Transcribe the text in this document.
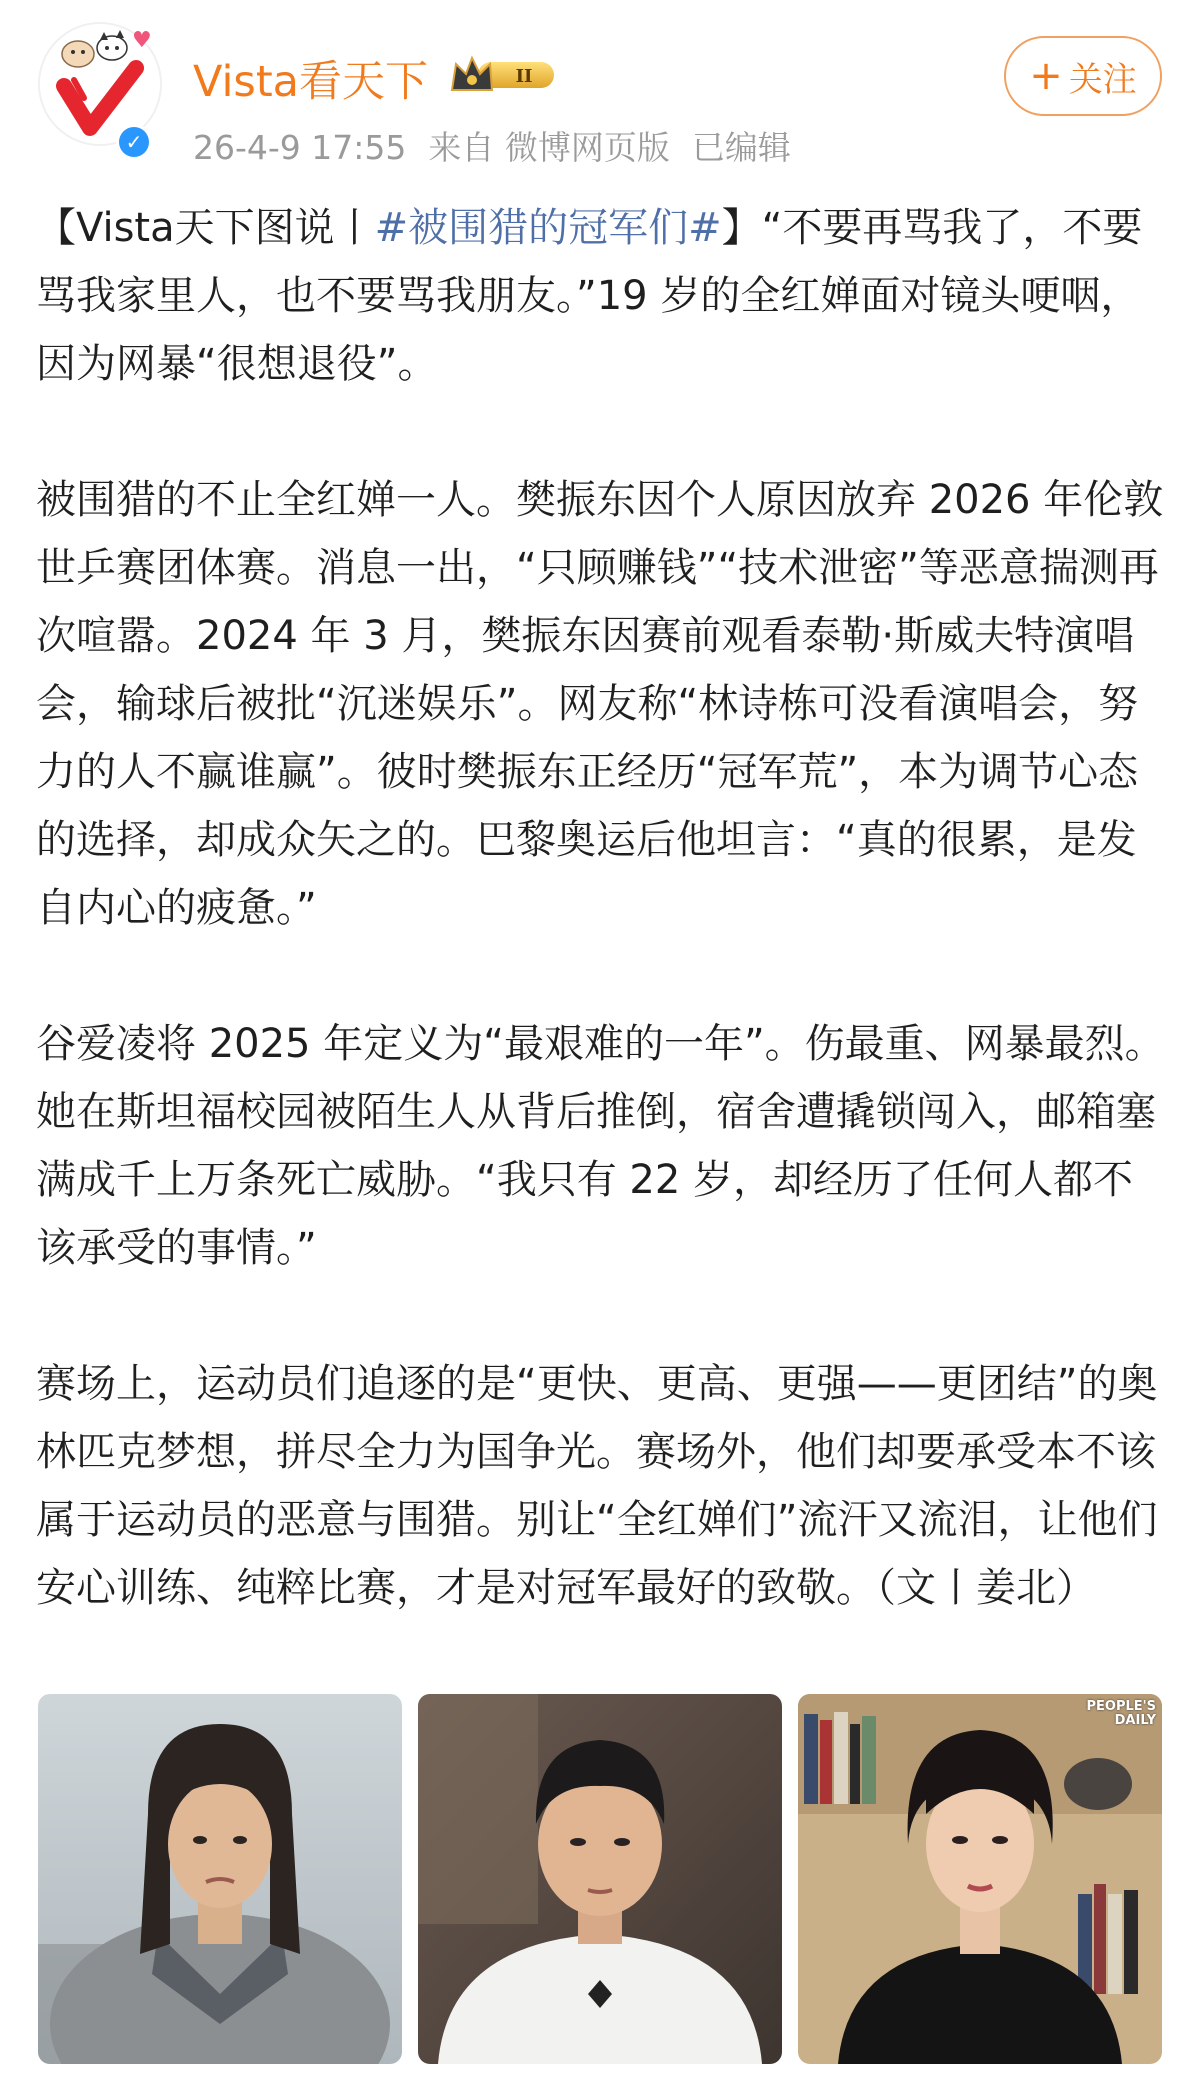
♥
✓
Vista看天下	II
26-4-9 17:55 来自 微博网页版 已编辑
+ 关注

【Vista天下图说丨#被围猎的冠军们#】“不要再骂我了，不要骂我家里人，也不要骂我朋友。”19 岁的全红婵面对镜头哽咽，因为网暴“很想退役”。

被围猎的不止全红婵一人。樊振东因个人原因放弃 2026 年伦敦世乒赛团体赛。消息一出，“只顾赚钱”“技术泄密”等恶意揣测再次喧嚣。2024 年 3 月，樊振东因赛前观看泰勒·斯威夫特演唱会，输球后被批“沉迷娱乐”。网友称“林诗栋可没看演唱会，努力的人不赢谁赢”。彼时樊振东正经历“冠军荒”，本为调节心态的选择，却成众矢之的。巴黎奥运后他坦言：“真的很累，是发自内心的疲惫。”

谷爱凌将 2025 年定义为“最艰难的一年”。伤最重、网暴最烈。她在斯坦福校园被陌生人从背后推倒，宿舍遭撬锁闯入，邮箱塞满成千上万条死亡威胁。“我只有 22 岁，却经历了任何人都不该承受的事情。”

赛场上，运动员们追逐的是“更快、更高、更强——更团结”的奥林匹克梦想，拼尽全力为国争光。赛场外，他们却要承受本不该属于运动员的恶意与围猎。别让“全红婵们”流汗又流泪，让他们安心训练、纯粹比赛，才是对冠军最好的致敬。（文丨姜北）

PEOPLE'S
DAILY
